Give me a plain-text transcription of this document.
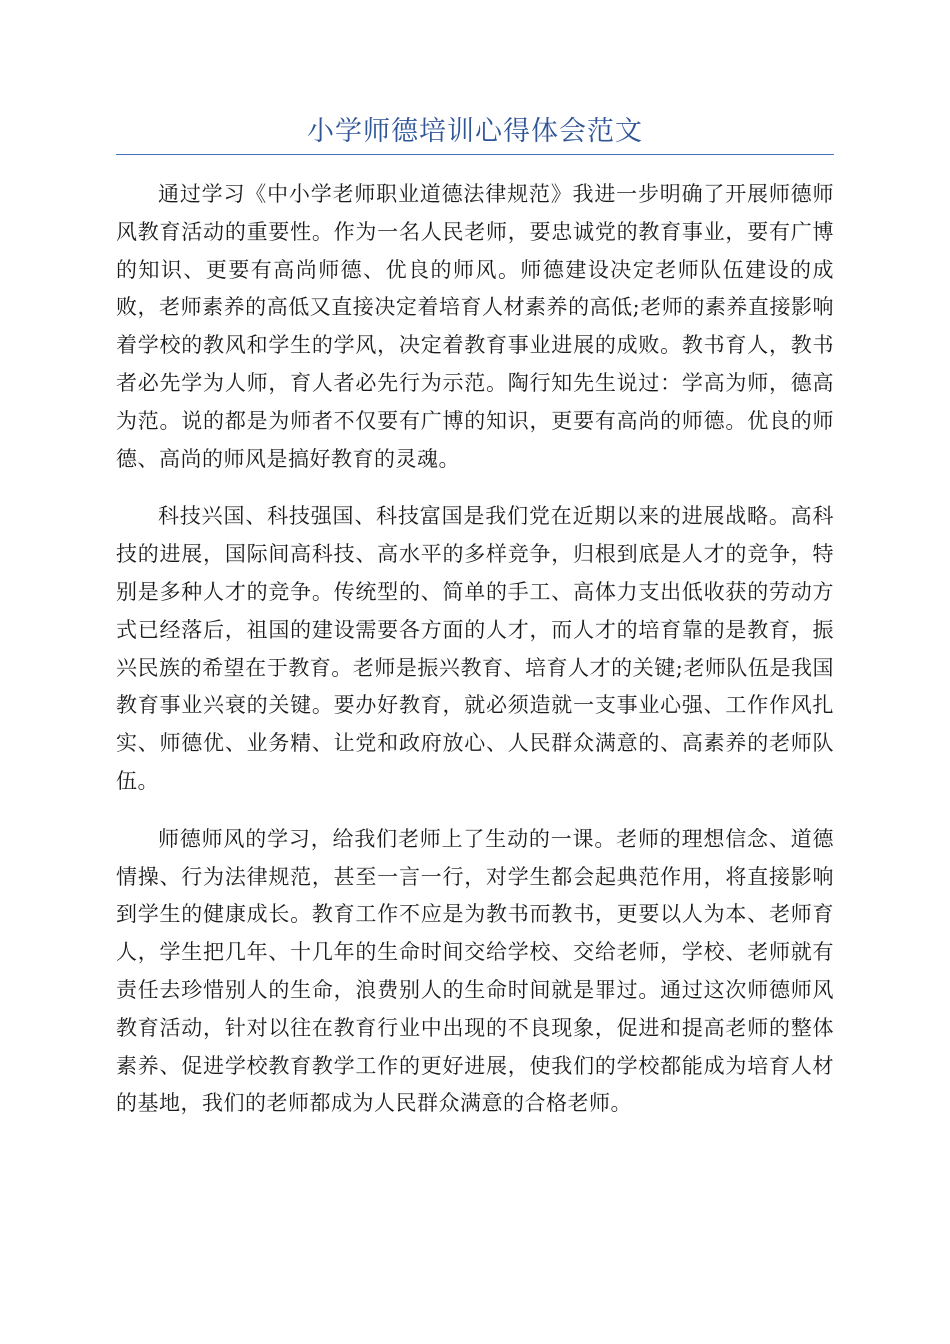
小学师德培训心得体会范文

通过学习《中小学老师职业道德法律规范》我进一步明确了开展师德师风教育活动的重要性。作为一名人民老师，要忠诚党的教育事业，要有广博的知识、更要有高尚师德、优良的师风。师德建设决定老师队伍建设的成败，老师素养的高低又直接决定着培育人材素养的高低;老师的素养直接影响着学校的教风和学生的学风，决定着教育事业进展的成败。教书育人，教书者必先学为人师，育人者必先行为示范。陶行知先生说过：学高为师，德高为范。说的都是为师者不仅要有广博的知识，更要有高尚的师德。优良的师德、高尚的师风是搞好教育的灵魂。

科技兴国、科技强国、科技富国是我们党在近期以来的进展战略。高科技的进展，国际间高科技、高水平的多样竞争，归根到底是人才的竞争，特别是多种人才的竞争。传统型的、简单的手工、高体力支出低收获的劳动方式已经落后，祖国的建设需要各方面的人才，而人才的培育靠的是教育，振兴民族的希望在于教育。老师是振兴教育、培育人才的关键;老师队伍是我国教育事业兴衰的关键。要办好教育，就必须造就一支事业心强、工作作风扎实、师德优、业务精、让党和政府放心、人民群众满意的、高素养的老师队伍。

师德师风的学习，给我们老师上了生动的一课。老师的理想信念、道德情操、行为法律规范，甚至一言一行，对学生都会起典范作用，将直接影响到学生的健康成长。教育工作不应是为教书而教书，更要以人为本、老师育人，学生把几年、十几年的生命时间交给学校、交给老师，学校、老师就有责任去珍惜别人的生命，浪费别人的生命时间就是罪过。通过这次师德师风教育活动，针对以往在教育行业中出现的不良现象，促进和提高老师的整体素养、促进学校教育教学工作的更好进展，使我们的学校都能成为培育人材的基地，我们的老师都成为人民群众满意的合格老师。
